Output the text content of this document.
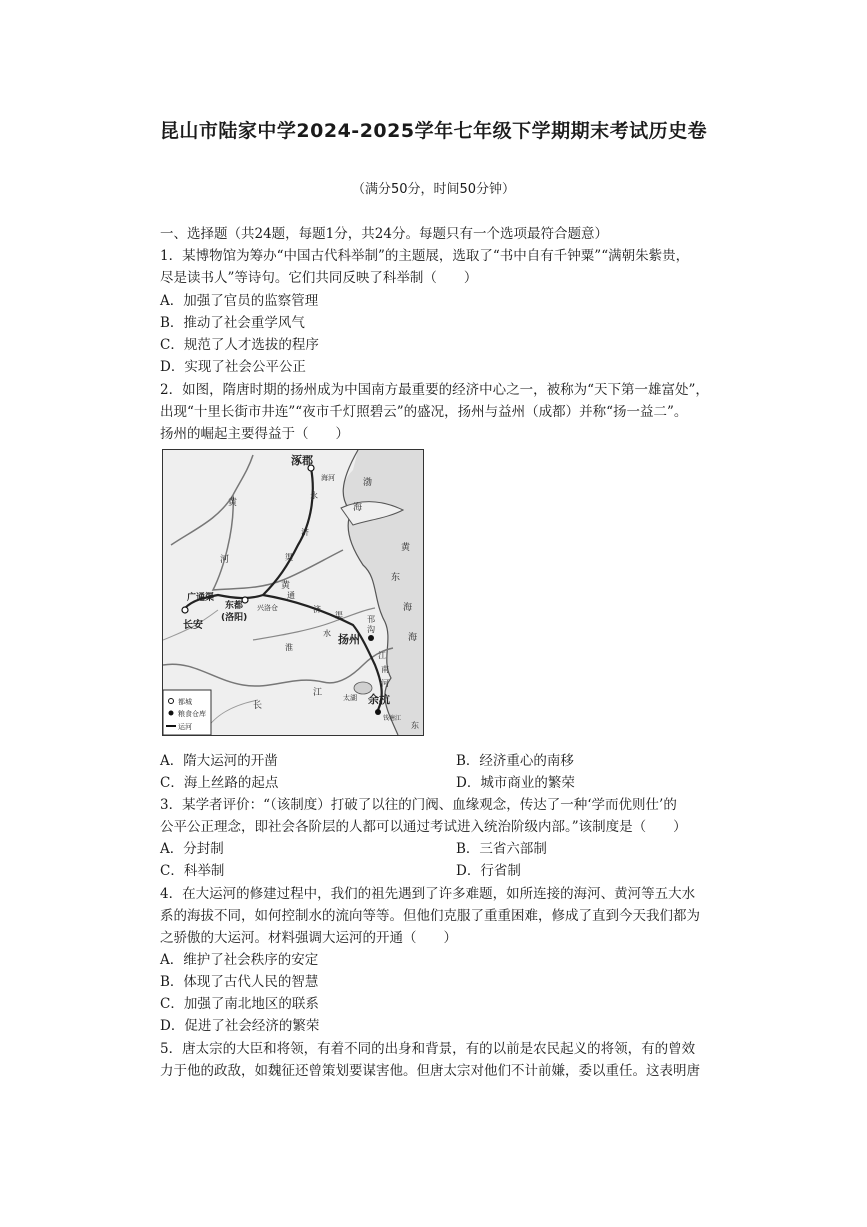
昆山市陆家中学2024-2025学年七年级下学期期末考试历史卷
（满分50分，时间50分钟）
一、选择题（共24题，每题1分，共24分。每题只有一个选项最符合题意）
1．某博物馆为筹办“中国古代科举制”的主题展，选取了“书中自有千钟粟”“满朝朱紫贵，
尽是读书人”等诗句。它们共同反映了科举制（　　）
A．加强了官员的监察管理
B．推动了社会重学风气
C．规范了人才选拔的程序
D．实现了社会公平公正
2．如图，隋唐时期的扬州成为中国南方最重要的经济中心之一，被称为“天下第一雄富处”，
出现“十里长街市井连”“夜市千灯照碧云”的盛况，扬州与益州（成都）并称“扬一益二”。
扬州的崛起主要得益于（　　）
涿郡
海河	渤
海
永
济
渠
黄
河
黄
黄
东
海
海
广通渠
长安
东都
(洛阳)
兴洛仓
通
济
渠
淮
水
邗
沟
扬州
江
南
河
长
江	太湖 余杭
钱塘江
东
都城
粮食仓库
运河
A．隋大运河的开凿	B．经济重心的南移
C．海上丝路的起点	D．城市商业的繁荣
3．某学者评价：“（该制度）打破了以往的门阀、血缘观念，传达了一种‘学而优则仕’的
公平公正理念，即社会各阶层的人都可以通过考试进入统治阶级内部。”该制度是（　　）
A．分封制	B．三省六部制
C．科举制	D．行省制
4．在大运河的修建过程中，我们的祖先遇到了许多难题，如所连接的海河、黄河等五大水
系的海拔不同，如何控制水的流向等等。但他们克服了重重困难，修成了直到今天我们都为
之骄傲的大运河。材料强调大运河的开通（　　）
A．维护了社会秩序的安定
B．体现了古代人民的智慧
C．加强了南北地区的联系
D．促进了社会经济的繁荣
5．唐太宗的大臣和将领，有着不同的出身和背景，有的以前是农民起义的将领，有的曾效
力于他的政敌，如魏征还曾策划要谋害他。但唐太宗对他们不计前嫌，委以重任。这表明唐
